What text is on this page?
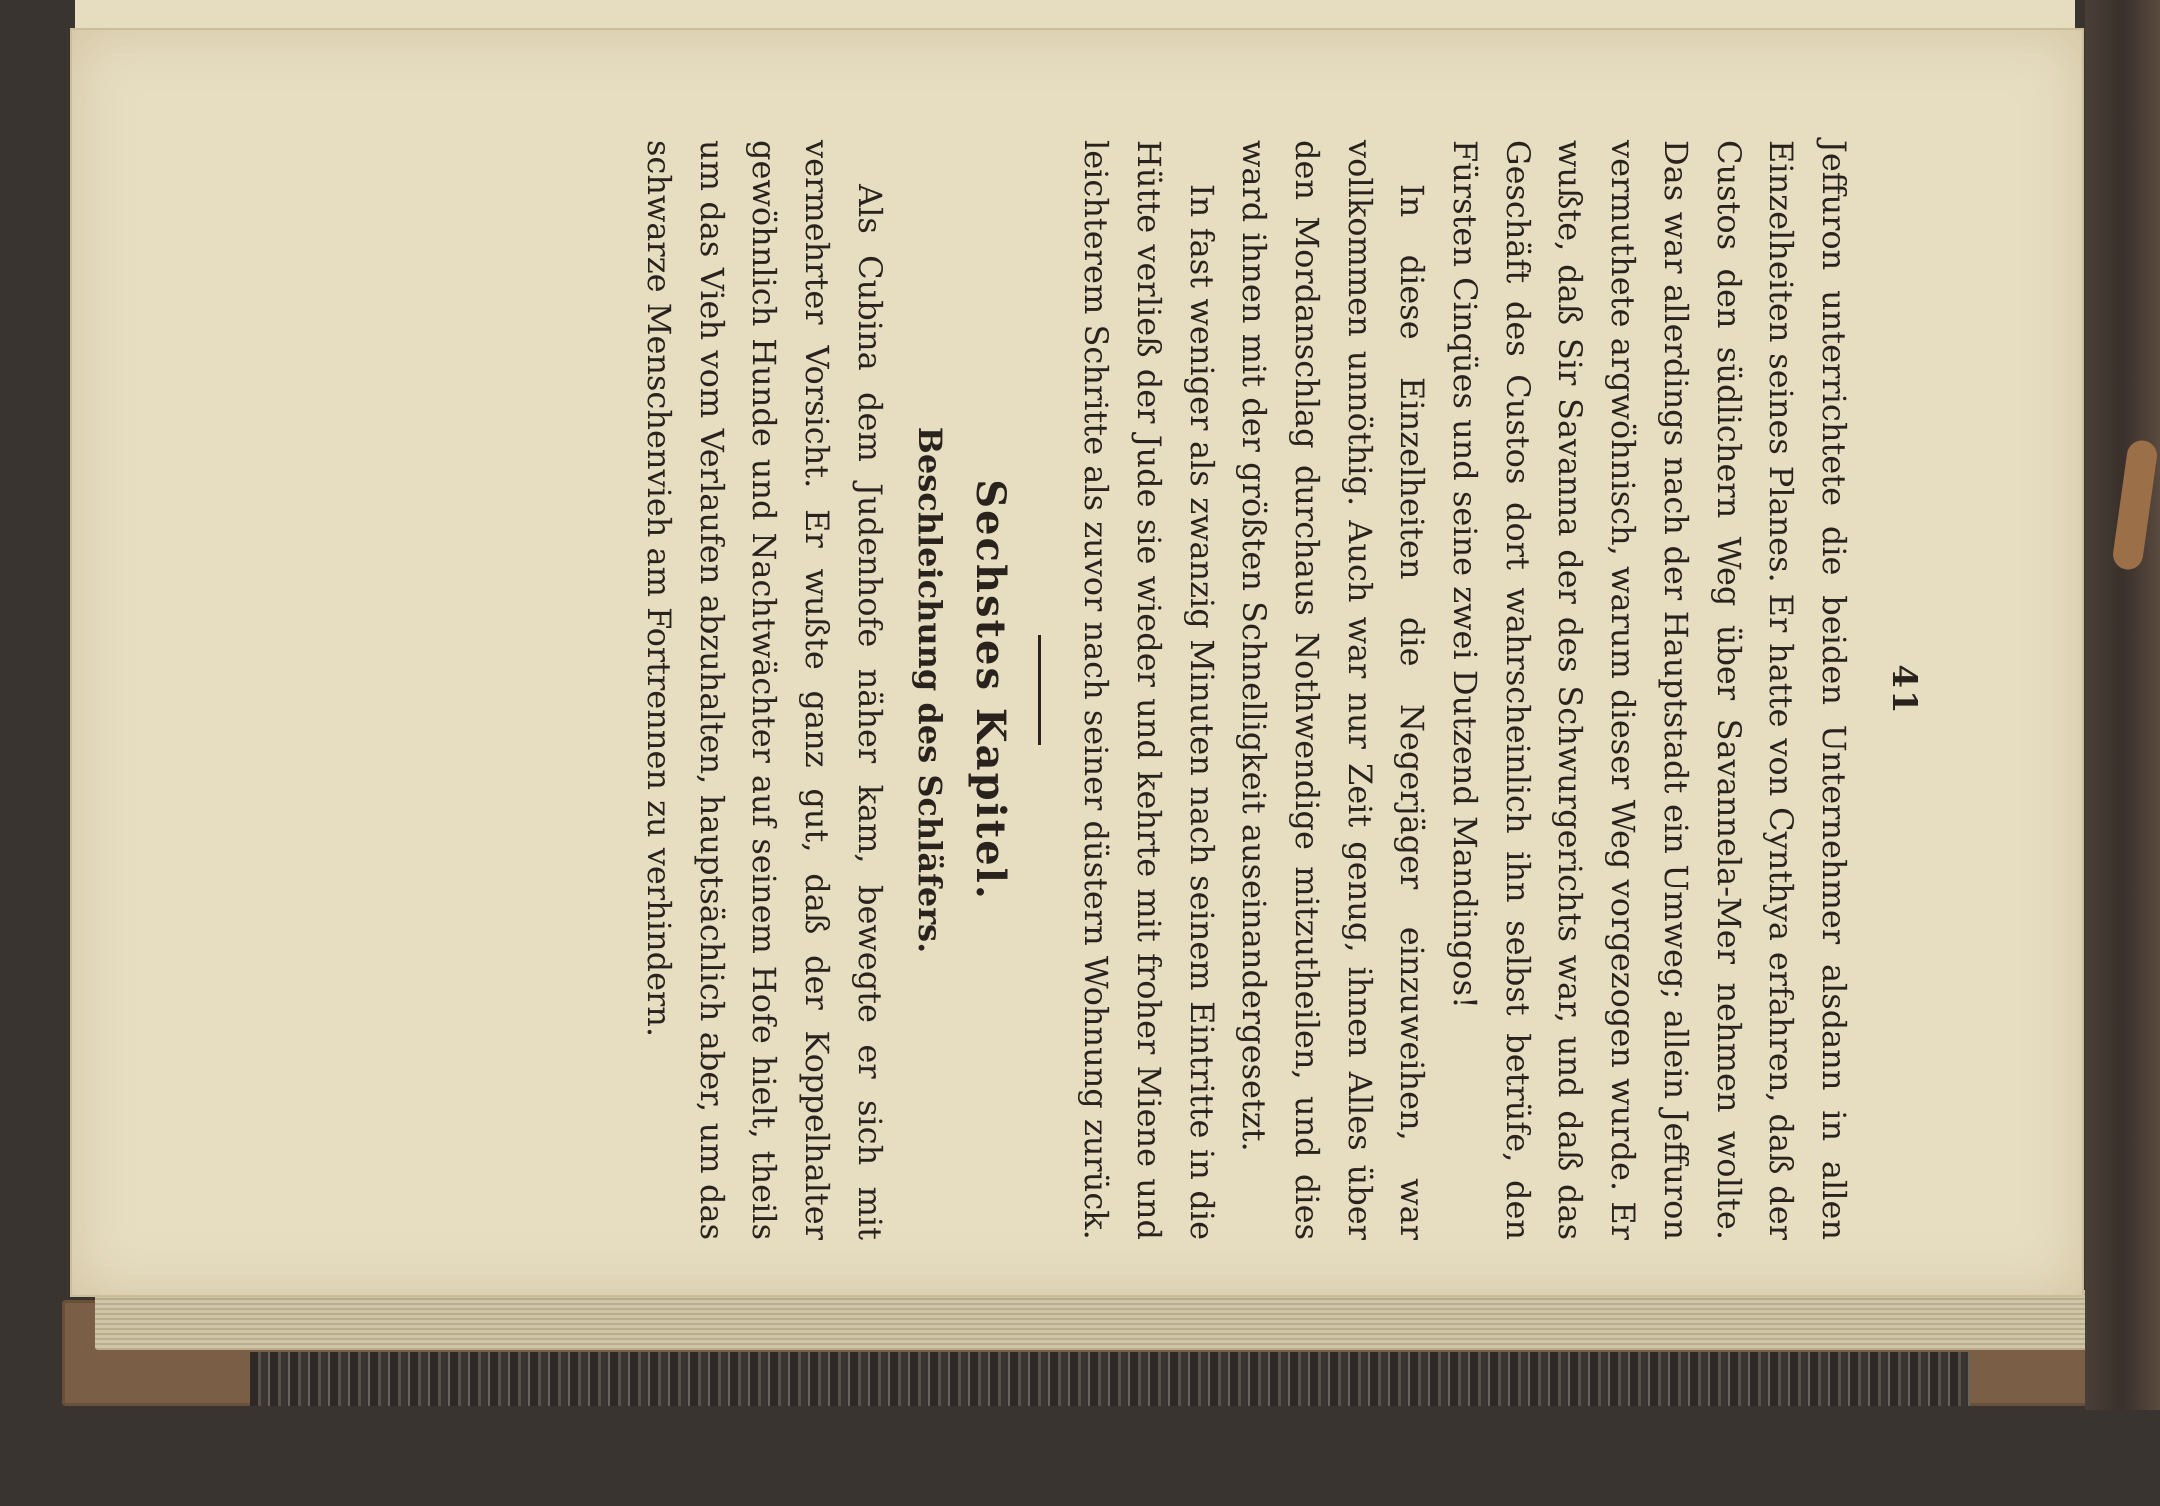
41

Jeffuron unterrichtete die beiden Unternehmer alsdann in allen Einzelheiten seines Planes. Er hatte von Cynthya erfahren, daß der Custos den südlichern Weg über Savannela-Mer nehmen wollte. Das war allerdings nach der Hauptstadt ein Umweg; allein Jeffuron vermuthete argwöhnisch, warum dieser Weg vorgezogen wurde. Er wußte, daß Sir Savanna der des Schwurgerichts war, und daß das Geschäft des Custos dort wahrscheinlich ihn selbst betrüfe, den Fürsten Cinqües und seine zwei Dutzend Mandingos!

In diese Einzelheiten die Negerjäger einzuweihen, war vollkommen unnöthig. Auch war nur Zeit genug, ihnen Alles über den Mordanschlag durchaus Nothwendige mitzutheilen, und dies ward ihnen mit der größten Schnelligkeit auseinandergesetzt.

In fast weniger als zwanzig Minuten nach seinem Eintritte in die Hütte verließ der Jude sie wieder und kehrte mit froher Miene und leichterem Schritte als zuvor nach seiner düstern Wohnung zurück.

Sechstes Kapitel.
Beschleichung des Schläfers.

Als Cubina dem Judenhofe näher kam, bewegte er sich mit vermehrter Vorsicht. Er wußte ganz gut, daß der Koppelhalter gewöhnlich Hunde und Nachtwächter auf seinem Hofe hielt, theils um das Vieh vom Verlaufen abzuhalten, hauptsächlich aber, um das schwarze Menschenvieh am Fortrennen zu verhindern.
